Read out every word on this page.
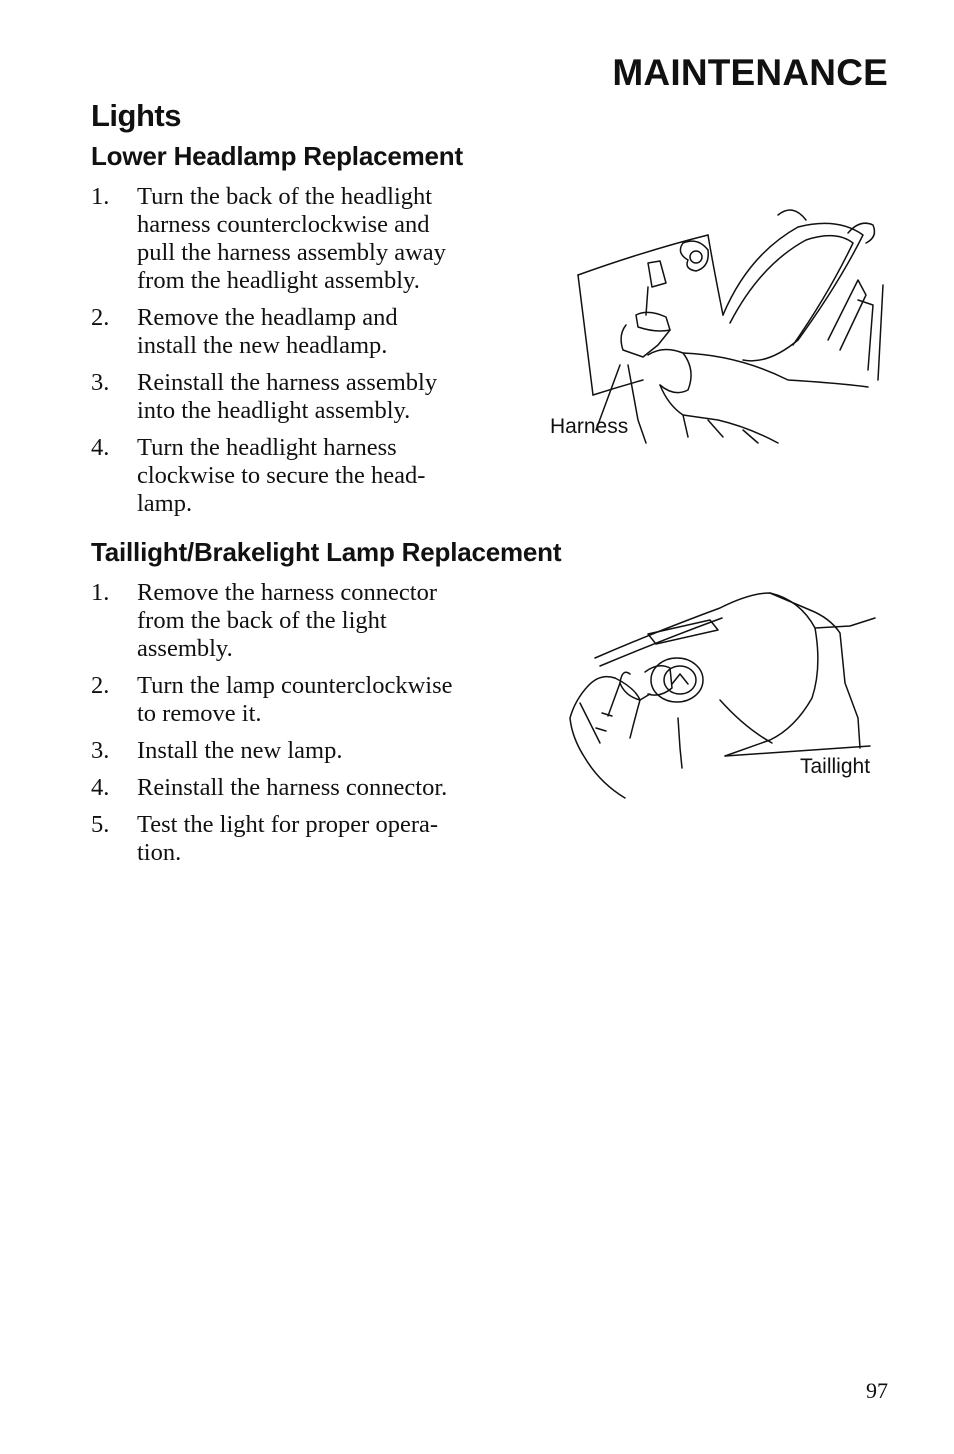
MAINTENANCE
Lights
Lower Headlamp Replacement
1. Turn the back of the headlight
harness counterclockwise and
pull the harness assembly away
from the headlight assembly.
2. Remove the headlamp and
install the new headlamp.
3. Reinstall the harness assembly
into the headlight assembly.
4. Turn the headlight harness
clockwise to secure the head-
lamp.
Harness
Taillight/Brakelight Lamp Replacement
1. Remove the harness connector
from the back of the light
assembly.
2. Turn the lamp counterclockwise
to remove it.
3. Install the new lamp.
4. Reinstall the harness connector.
5. Test the light for proper opera-
tion.
Taillight
97
